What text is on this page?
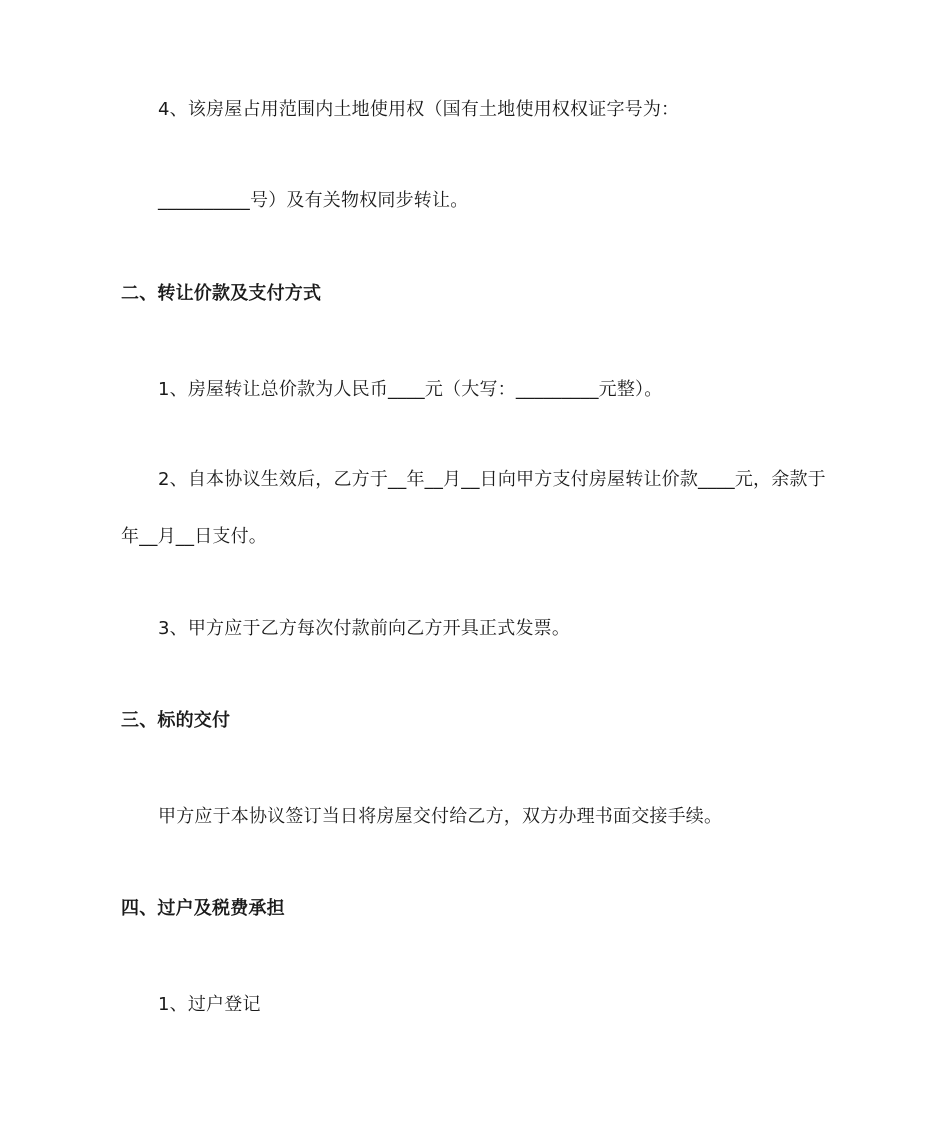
4、该房屋占用范围内土地使用权（国有土地使用权权证字号为：
__________号）及有关物权同步转让。
二、转让价款及支付方式
1、房屋转让总价款为人民币____元（大写：_________元整）。
2、自本协议生效后，乙方于__年__月__日向甲方支付房屋转让价款____元，余款于
年__月__日支付。
3、甲方应于乙方每次付款前向乙方开具正式发票。
三、标的交付
甲方应于本协议签订当日将房屋交付给乙方，双方办理书面交接手续。
四、过户及税费承担
1、过户登记
